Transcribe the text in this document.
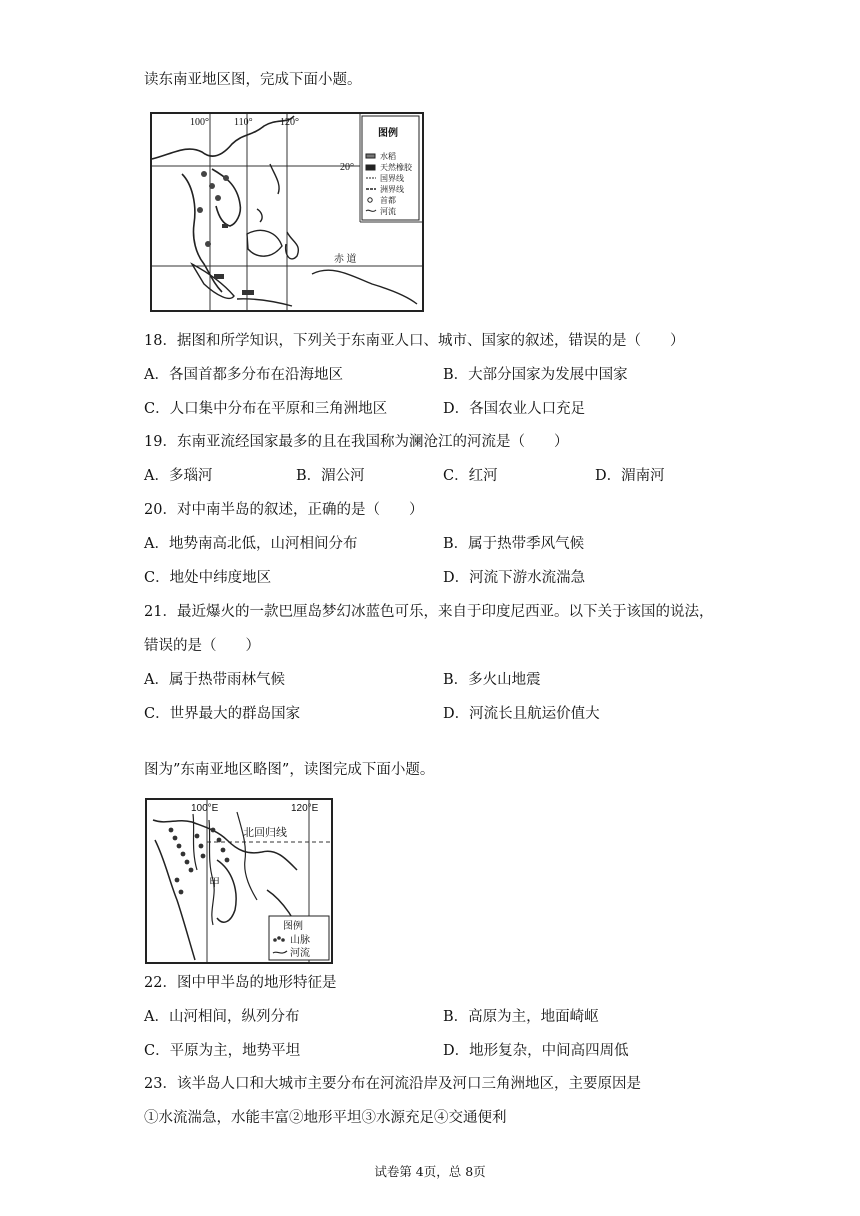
读东南亚地区图，完成下面小题。
100°	110°	120°
20°
赤 道
图例
水稻
天然橡胶
国界线
洲界线
首都
河流
18．据图和所学知识，下列关于东南亚人口、城市、国家的叙述，错误的是（　　）
A．各国首都多分布在沿海地区	B．大部分国家为发展中国家
C．人口集中分布在平原和三角洲地区	D．各国农业人口充足
19．东南亚流经国家最多的且在我国称为澜沧江的河流是（　　）
A．多瑙河	B．湄公河	C．红河	D．湄南河
20．对中南半岛的叙述，正确的是（　　）
A．地势南高北低，山河相间分布	B．属于热带季风气候
C．地处中纬度地区	D．河流下游水流湍急
21．最近爆火的一款巴厘岛梦幻冰蓝色可乐，来自于印度尼西亚。以下关于该国的说法，
错误的是（　　）
A．属于热带雨林气候	B．多火山地震
C．世界最大的群岛国家	D．河流长且航运价值大
图为”东南亚地区略图”，读图完成下面小题。
100°E	120°E
北回归线
甲
图例
山脉
河流
22．图中甲半岛的地形特征是
A．山河相间，纵列分布	B．高原为主，地面崎岖
C．平原为主，地势平坦	D．地形复杂，中间高四周低
23．该半岛人口和大城市主要分布在河流沿岸及河口三角洲地区，主要原因是
①水流湍急，水能丰富②地形平坦③水源充足④交通便利
试卷第 4页，总 8页
